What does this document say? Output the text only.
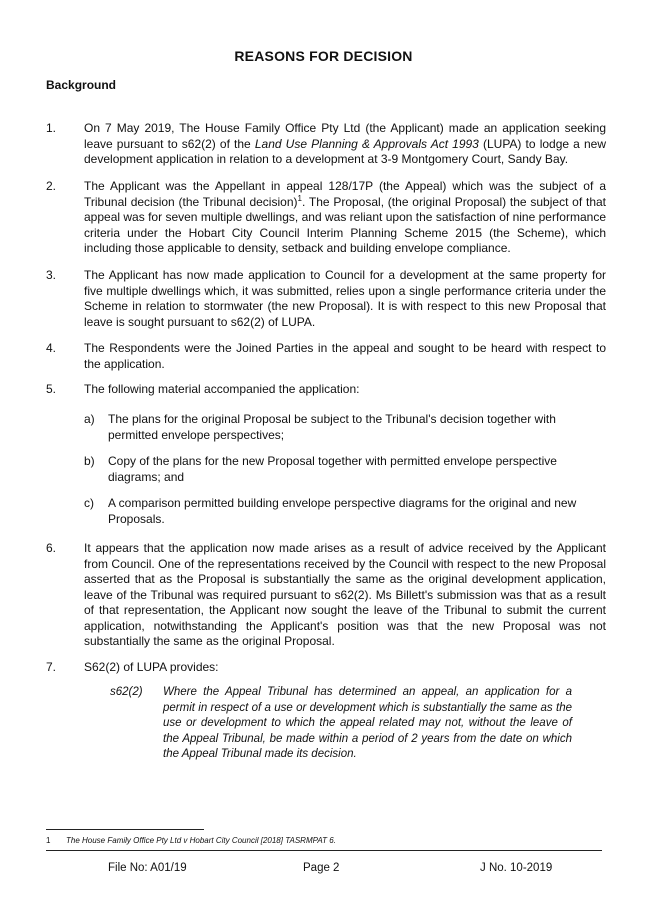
REASONS FOR DECISION
Background
1.	On 7 May 2019, The House Family Office Pty Ltd (the Applicant) made an application seeking leave pursuant to s62(2) of the Land Use Planning & Approvals Act 1993 (LUPA) to lodge a new development application in relation to a development at 3-9 Montgomery Court, Sandy Bay.
2.	The Applicant was the Appellant in appeal 128/17P (the Appeal) which was the subject of a Tribunal decision (the Tribunal decision)$^1$. The Proposal, (the original Proposal) the subject of that appeal was for seven multiple dwellings, and was reliant upon the satisfaction of nine performance criteria under the Hobart City Council Interim Planning Scheme 2015 (the Scheme), which including those applicable to density, setback and building envelope compliance.
3.	The Applicant has now made application to Council for a development at the same property for five multiple dwellings which, it was submitted, relies upon a single performance criteria under the Scheme in relation to stormwater (the new Proposal). It is with respect to this new Proposal that leave is sought pursuant to s62(2) of LUPA.
4.	The Respondents were the Joined Parties in the appeal and sought to be heard with respect to the application.
5.	The following material accompanied the application:
a)	The plans for the original Proposal be subject to the Tribunal's decision together with permitted envelope perspectives;
b)	Copy of the plans for the new Proposal together with permitted envelope perspective diagrams; and
c)	A comparison permitted building envelope perspective diagrams for the original and new Proposals.
6.	It appears that the application now made arises as a result of advice received by the Applicant from Council. One of the representations received by the Council with respect to the new Proposal asserted that as the Proposal is substantially the same as the original development application, leave of the Tribunal was required pursuant to s62(2). Ms Billett's submission was that as a result of that representation, the Applicant now sought the leave of the Tribunal to submit the current application, notwithstanding the Applicant's position was that the new Proposal was not substantially the same as the original Proposal.
7.	S62(2) of LUPA provides:
s62(2) Where the Appeal Tribunal has determined an appeal, an application for a permit in respect of a use or development which is substantially the same as the use or development to which the appeal related may not, without the leave of the Appeal Tribunal, be made within a period of 2 years from the date on which the Appeal Tribunal made its decision.
1 The House Family Office Pty Ltd v Hobart City Council [2018] TASRMPAT 6.
File No: A01/19	Page 2	J No. 10-2019
